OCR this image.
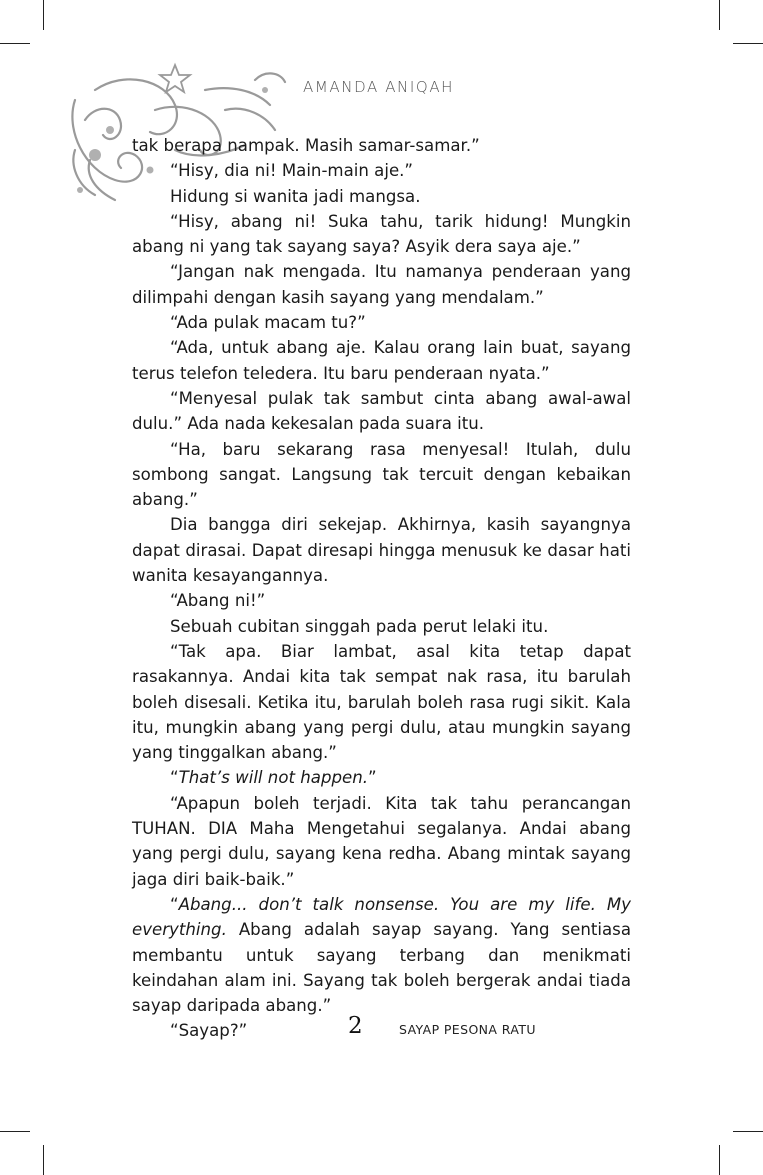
AMANDA ANIQAH

tak berapa nampak. Masih samar-samar.”

“Hisy, dia ni! Main-main aje.”

Hidung si wanita jadi mangsa.

“Hisy, abang ni! Suka tahu, tarik hidung! Mungkin abang ni yang tak sayang saya? Asyik dera saya aje.”

“Jangan nak mengada. Itu namanya penderaan yang dilimpahi dengan kasih sayang yang mendalam.”

“Ada pulak macam tu?”

“Ada, untuk abang aje. Kalau orang lain buat, sayang terus telefon teledera. Itu baru penderaan nyata.”

“Menyesal pulak tak sambut cinta abang awal-awal dulu.” Ada nada kekesalan pada suara itu.

“Ha, baru sekarang rasa menyesal! Itulah, dulu sombong sangat. Langsung tak tercuit dengan kebaikan abang.”

Dia bangga diri sekejap. Akhirnya, kasih sayangnya dapat dirasai. Dapat diresapi hingga menusuk ke dasar hati wanita kesayangannya.

“Abang ni!”

Sebuah cubitan singgah pada perut lelaki itu.

“Tak apa. Biar lambat, asal kita tetap dapat rasakannya. Andai kita tak sempat nak rasa, itu barulah boleh disesali. Ketika itu, barulah boleh rasa rugi sikit. Kala itu, mungkin abang yang pergi dulu, atau mungkin sayang yang tinggalkan abang.”

“That’s will not happen.”

“Apapun boleh terjadi. Kita tak tahu perancangan TUHAN. DIA Maha Mengetahui segalanya. Andai abang yang pergi dulu, sayang kena redha. Abang mintak sayang jaga diri baik-baik.”

“Abang... don’t talk nonsense. You are my life. My everything. Abang adalah sayap sayang. Yang sentiasa membantu untuk sayang terbang dan menikmati keindahan alam ini. Sayang tak boleh bergerak andai tiada sayap daripada abang.”

“Sayap?”	2	SAYAP PESONA RATU
